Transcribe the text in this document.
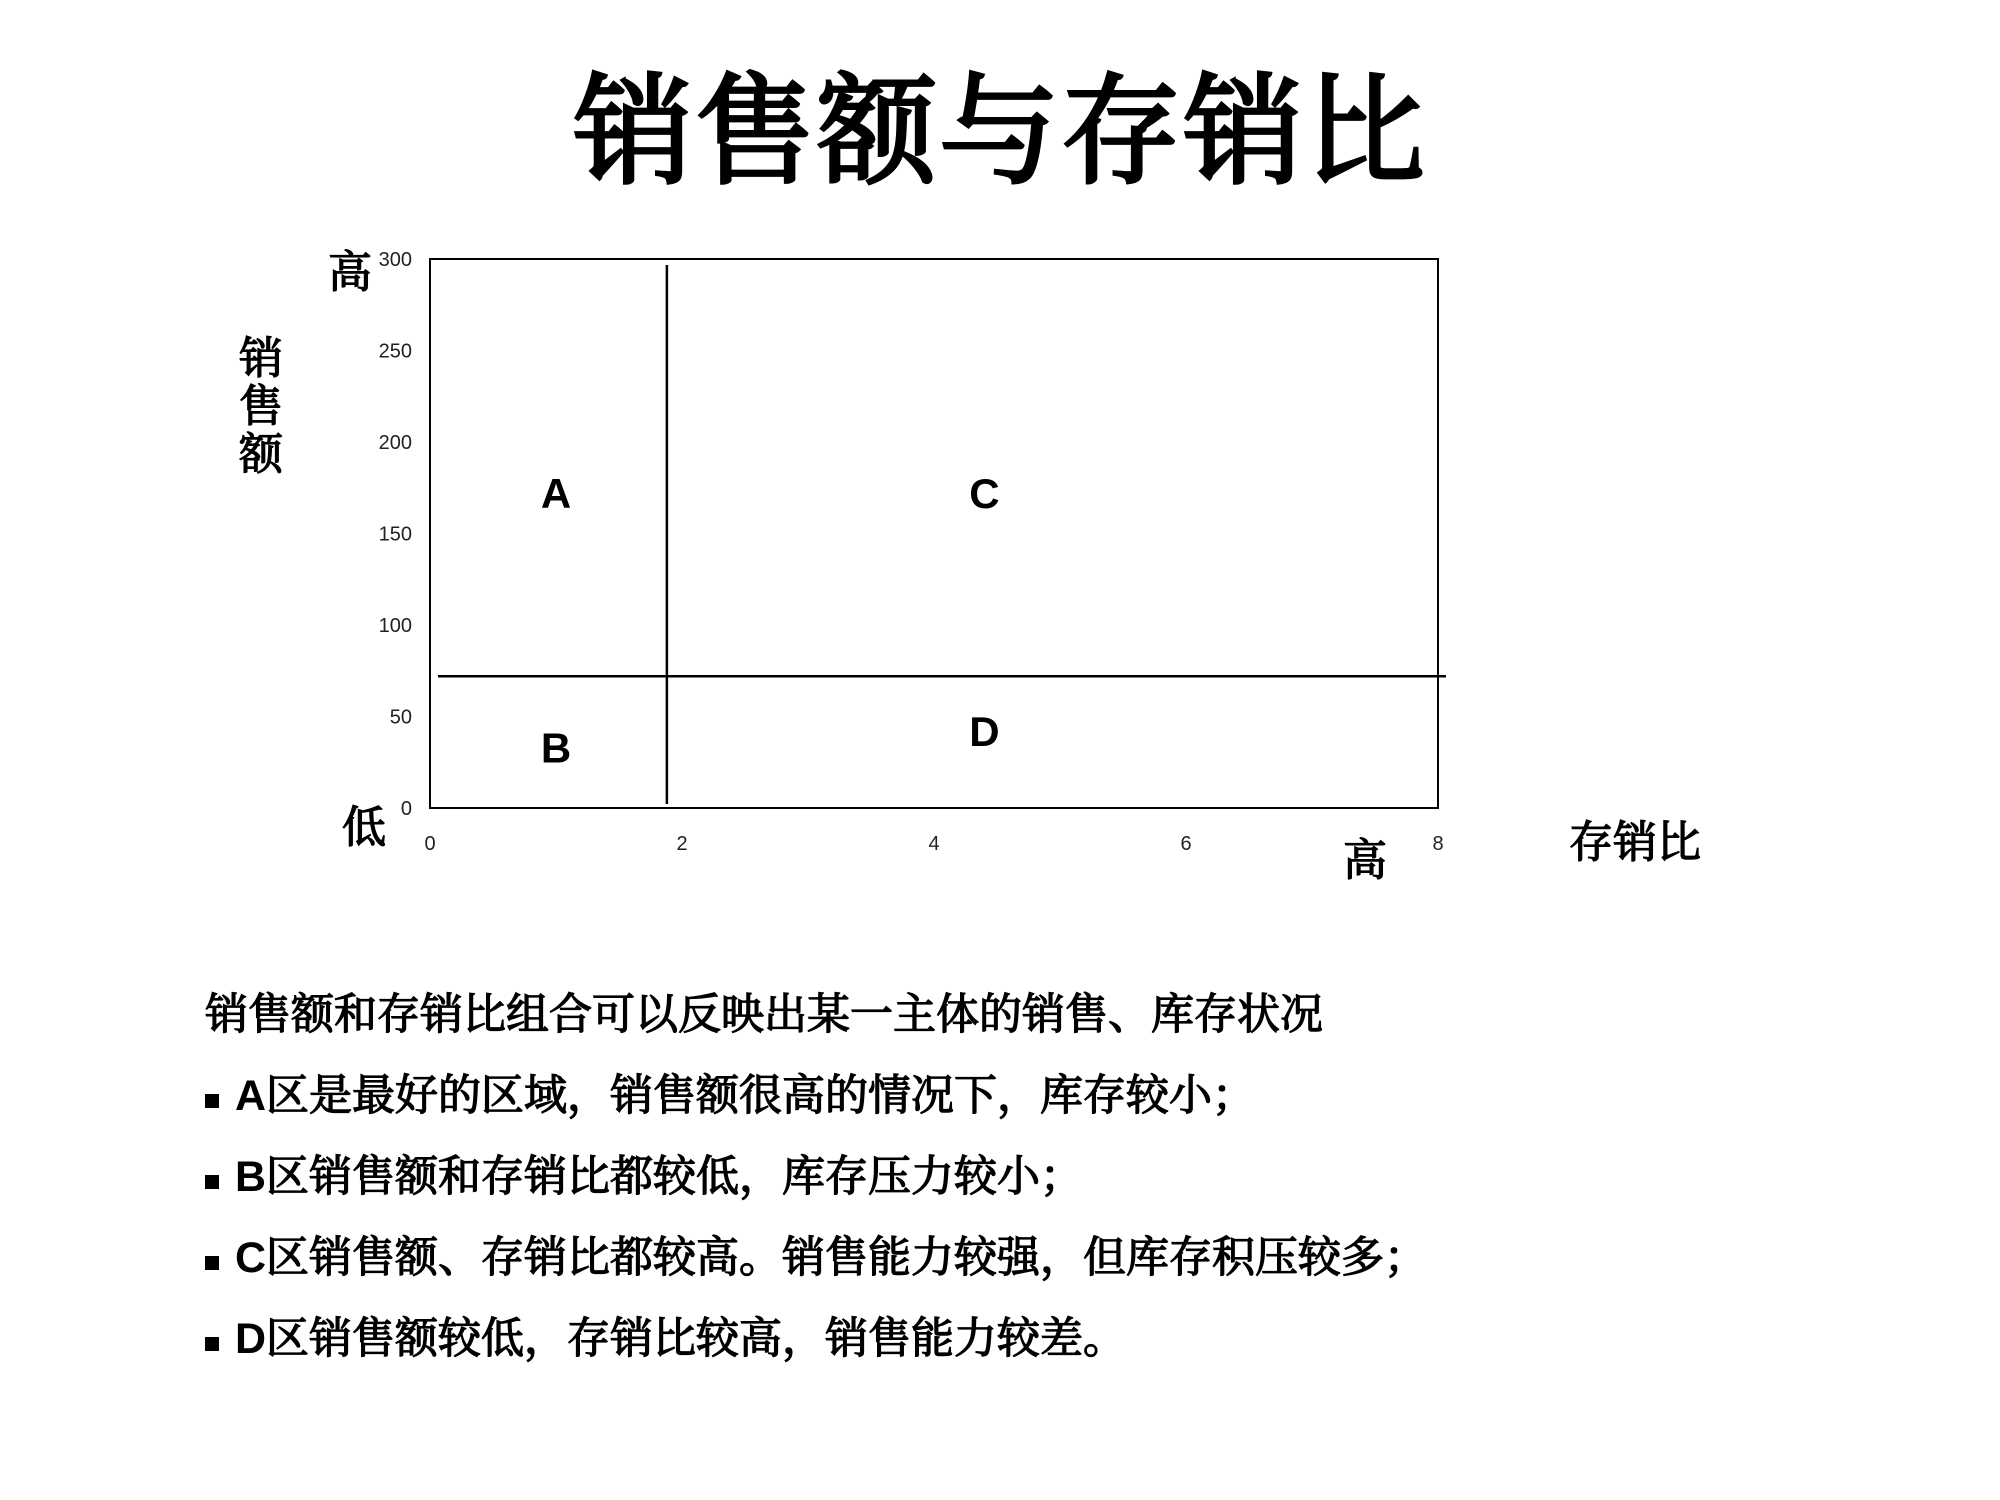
销售额与存销比
0
50
100
150
200
250
300
0	2	4	6	8
A
B
C
D
销售额
高
低
高	存销比
销售额和存销比组合可以反映出某一主体的销售、库存状况
A区是最好的区域，销售额很高的情况下，库存较小；
B区销售额和存销比都较低，库存压力较小；
C区销售额、存销比都较高。销售能力较强，但库存积压较多；
D区销售额较低，存销比较高，销售能力较差。
